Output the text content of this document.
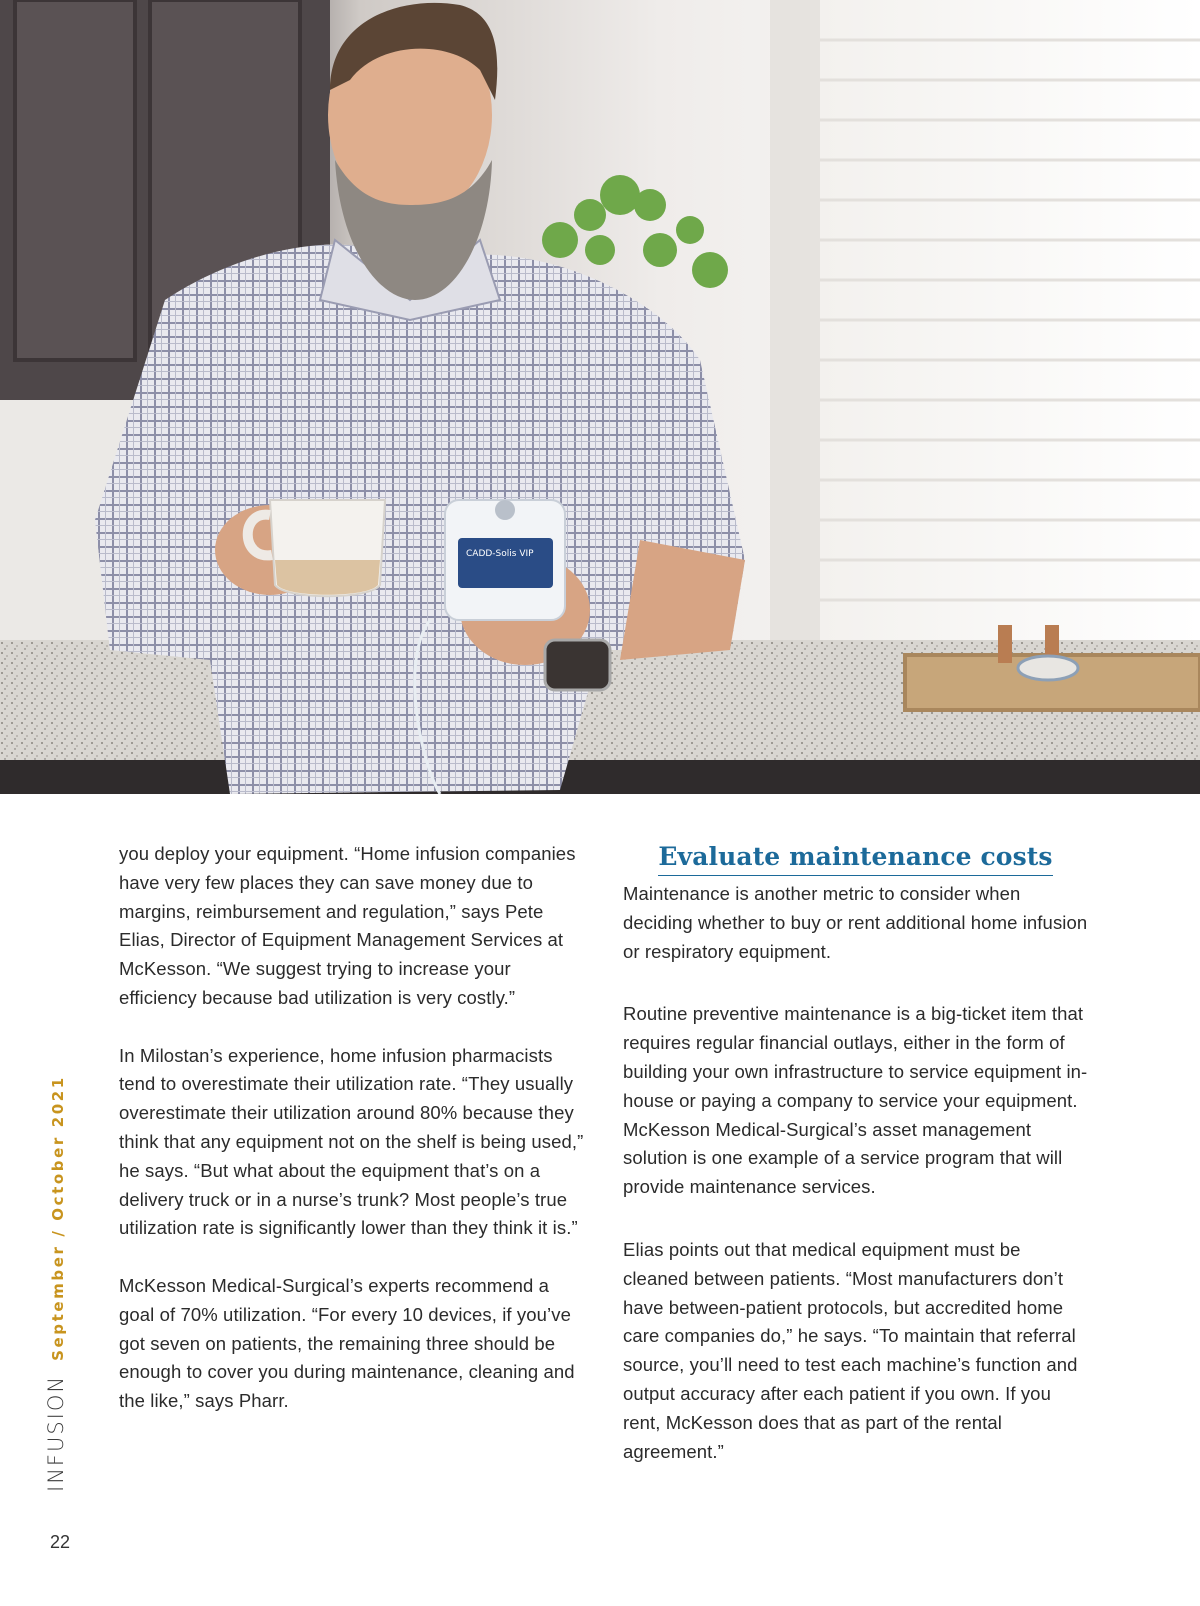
CADD-Solis VIP

you deploy your equipment. “Home infusion companies have very few places they can save money due to margins, reimbursement and regulation,” says Pete Elias, Director of Equipment Management Services at McKesson. “We suggest trying to increase your efficiency because bad utilization is very costly.”

In Milostan’s experience, home infusion pharmacists tend to overestimate their utilization rate. “They usually overestimate their utilization around 80% because they think that any equipment not on the shelf is being used,” he says. “But what about the equipment that’s on a delivery truck or in a nurse’s trunk? Most people’s true utilization rate is significantly lower than they think it is.”

McKesson Medical-Surgical’s experts recommend a goal of 70% utilization. “For every 10 devices, if you’ve got seven on patients, the remaining three should be enough to cover you during maintenance, cleaning and the like,” says Pharr.

Evaluate maintenance costs

Maintenance is another metric to consider when deciding whether to buy or rent additional home infusion or respiratory equipment.

Routine preventive maintenance is a big-ticket item that requires regular financial outlays, either in the form of building your own infrastructure to service equipment in-house or paying a company to service your equipment. McKesson Medical-Surgical’s asset management solution is one example of a service program that will provide maintenance services.

Elias points out that medical equipment must be cleaned between patients. “Most manufacturers don’t have between-patient protocols, but accredited home care companies do,” he says. “To maintain that referral source, you’ll need to test each machine’s function and output accuracy after each patient if you own. If you rent, McKesson does that as part of the rental agreement.”

INFUSION
September / October 2021
22
